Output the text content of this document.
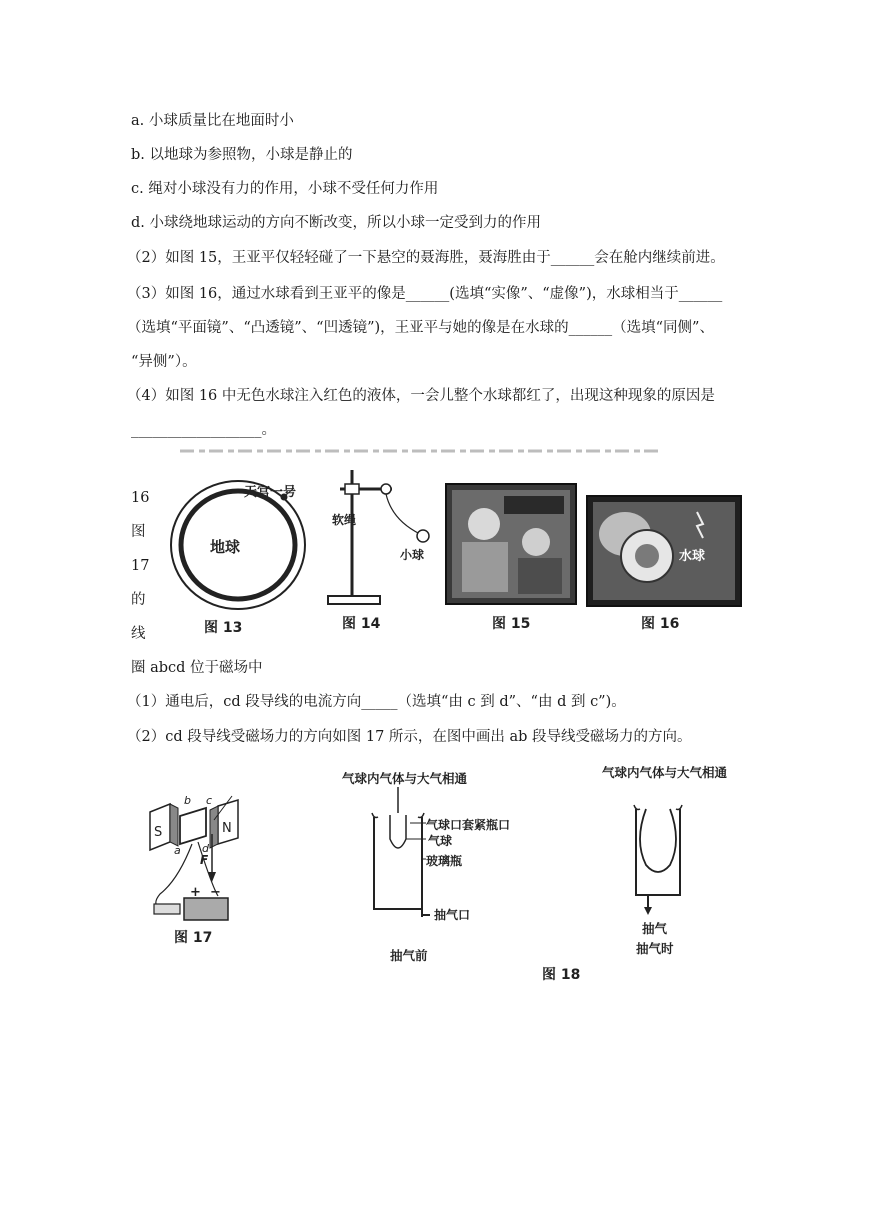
a. 小球质量比在地面时小
b. 以地球为参照物，小球是静止的
c. 绳对小球没有力的作用，小球不受任何力作用
d. 小球绕地球运动的方向不断改变，所以小球一定受到力的作用
（2）如图 15，王亚平仅轻轻碰了一下悬空的聂海胜，聂海胜由于______会在舱内继续前进。
（3）如图 16，通过水球看到王亚平的像是______(选填“实像”、“虚像”)，水球相当于______
（选填“平面镜”、“凸透镜”、“凹透镜”)，王亚平与她的像是在水球的______（选填“同侧”、
“异侧”）。
（4）如图 16 中无色水球注入红色的液体，一会儿整个水球都红了，出现这种现象的原因是
__________________。
16
图
17
的
线
圈 abcd 位于磁场中
（1）通电后，cd 段导线的电流方向_____（选填“由 c 到 d”、“由 d 到 c”)。
（2）cd 段导线受磁场力的方向如图 17 所示，在图中画出 ab 段导线受磁场力的方向。
地球
天宫一号
图 13
软绳
小球
图 14	图 15
水球
图 16
S	N
b c
a d
F
+ −
图 17
气球内气体与大气相通
气球口套紧瓶口
气球
玻璃瓶
抽气口
抽气前
气球内气体与大气相通
抽气
抽气时
图 18
